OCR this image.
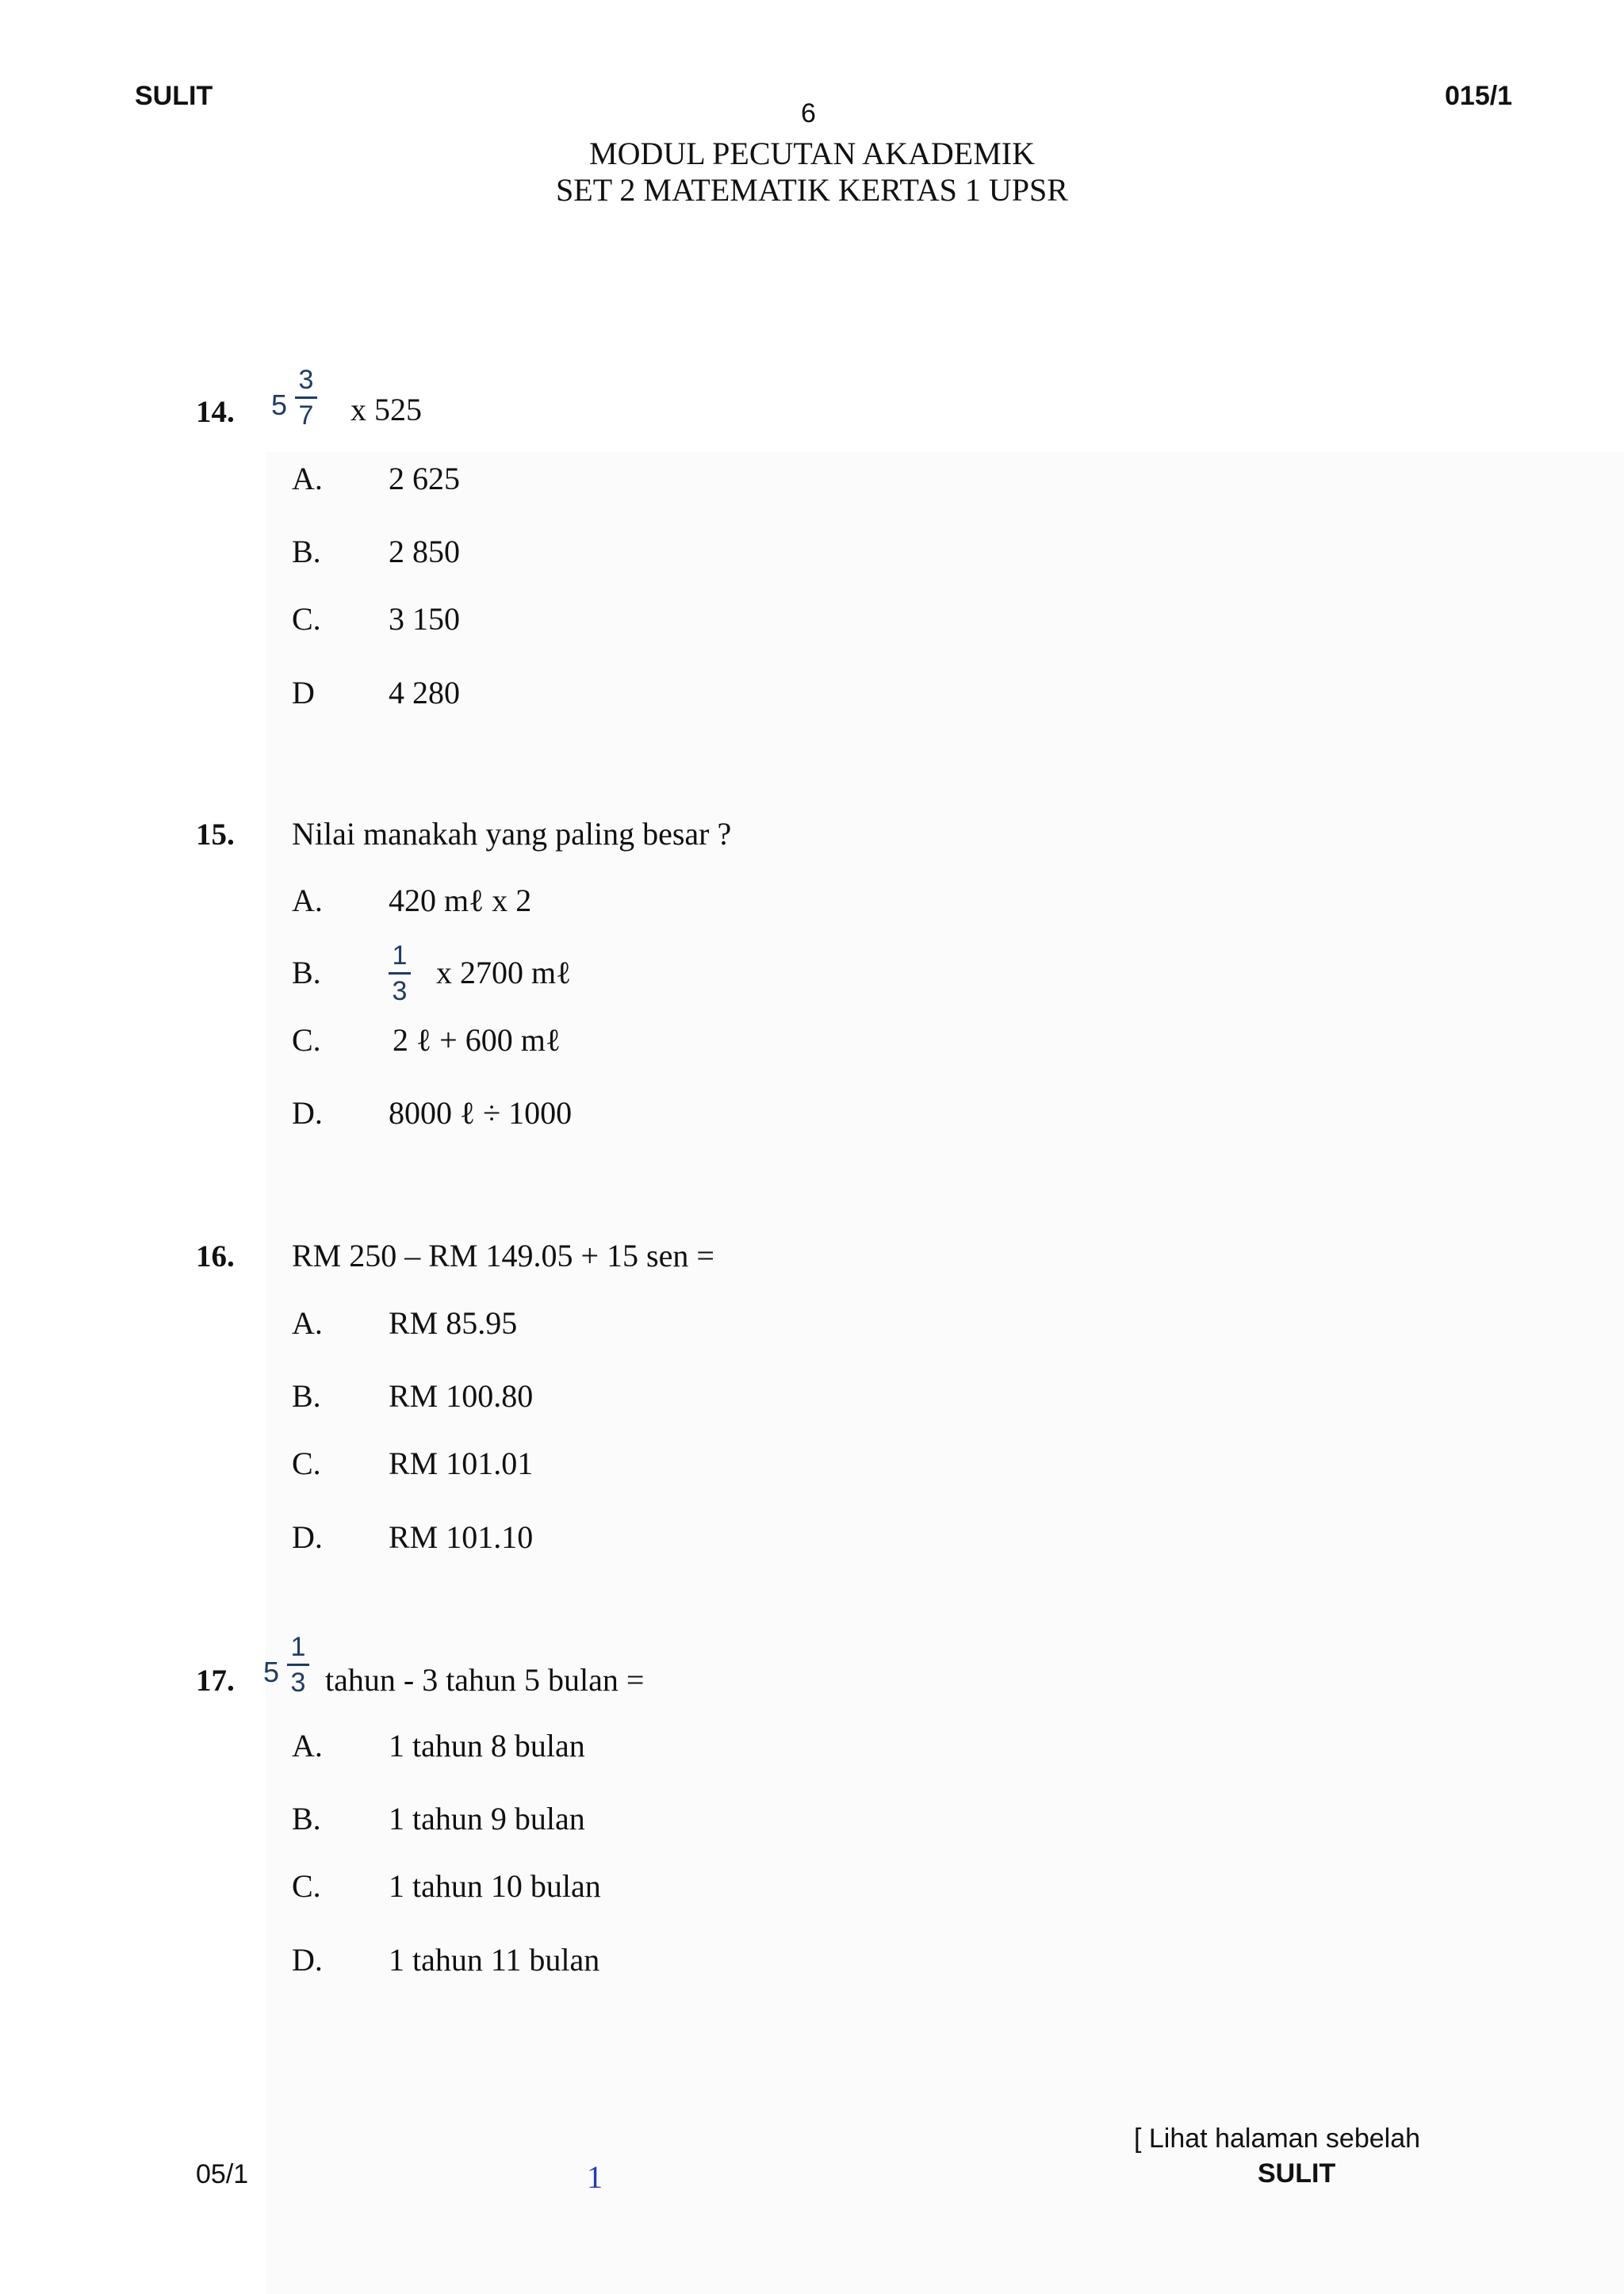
SULIT
6
015/1
MODUL PECUTAN AKADEMIK
SET 2 MATEMATIK KERTAS 1 UPSR
14. 5
3
7 x 525
A. 2 625
B. 2 850
C. 3 150
D 4 280
15. Nilai manakah yang paling besar ?
A. 420 mℓ x 2
B.	1
3
x 2700 mℓ
C. 2 ℓ + 600 mℓ
D. 8000 ℓ ÷ 1000
16. RM 250 – RM 149.05 + 15 sen =
A. RM 85.95
B. RM 100.80
C. RM 101.01
D. RM 101.10
17. 5
1
3 tahun - 3 tahun 5 bulan =
A. 1 tahun 8 bulan
B. 1 tahun 9 bulan
C. 1 tahun 10 bulan
D. 1 tahun 11 bulan
[ Lihat halaman sebelah
05/1	1	SULIT
